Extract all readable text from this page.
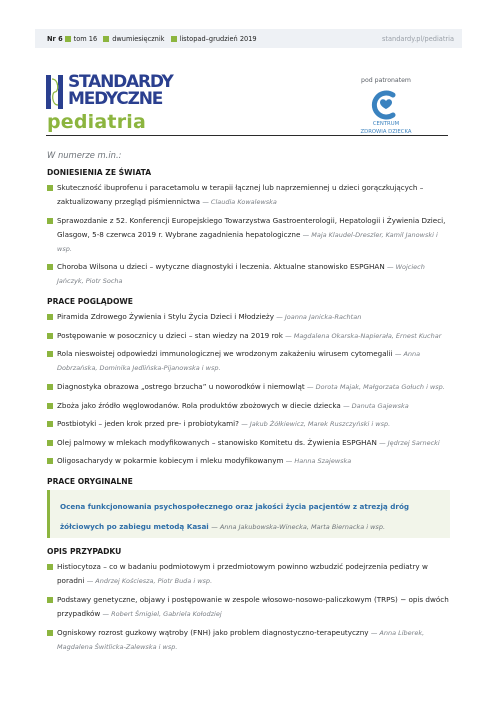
Nr 6 tom 16 dwumiesięcznik listopad–grudzień 2019	standardy.pl/pediatria
STANDARDY
MEDYCZNE
pediatria
pod patronatem
CENTRUM
ZDROWIA DZIECKA
W numerze m.in.:
DONIESIENIA ZE ŚWIATA
Skuteczność ibuprofenu i paracetamolu w terapii łącznej lub naprzemiennej u dzieci gorączkujących – zaktualizowany przegląd piśmiennictwa — Claudia Kowalewska
Sprawozdanie z 52. Konferencji Europejskiego Towarzystwa Gastroenterologii, Hepatologii i Żywienia Dzieci, Glasgow, 5-8 czerwca 2019 r. Wybrane zagadnienia hepatologiczne — Maja Klaudel-Dreszler, Kamil Janowski i wsp.
Choroba Wilsona u dzieci – wytyczne diagnostyki i leczenia. Aktualne stanowisko ESPGHAN — Wojciech Jańczyk, Piotr Socha
PRACE POGLĄDOWE
Piramida Zdrowego Żywienia i Stylu Życia Dzieci i Młodzieży — Joanna Janicka-Rachtan
Postępowanie w posocznicy u dzieci – stan wiedzy na 2019 rok — Magdalena Okarska-Napierała, Ernest Kuchar
Rola nieswoistej odpowiedzi immunologicznej we wrodzonym zakażeniu wirusem cytomegalii — Anna Dobrzańska, Dominika Jedlińska-Pijanowska i wsp.
Diagnostyka obrazowa „ostrego brzucha” u noworodków i niemowląt — Dorota Majak, Małgorzata Gołuch i wsp.
Zboża jako źródło węglowodanów. Rola produktów zbożowych w diecie dziecka — Danuta Gajewska
Postbiotyki – jeden krok przed pre- i probiotykami? — Jakub Żółkiewicz, Marek Ruszczyński i wsp.
Olej palmowy w mlekach modyfikowanych – stanowisko Komitetu ds. Żywienia ESPGHAN — Jędrzej Sarnecki
Oligosacharydy w pokarmie kobiecym i mleku modyfikowanym — Hanna Szajewska
PRACE ORYGINALNE
Ocena funkcjonowania psychospołecznego oraz jakości życia pacjentów z atrezją dróg żółciowych po zabiegu metodą Kasai — Anna Jakubowska-Winecka, Marta Biernacka i wsp.
OPIS PRZYPADKU
Histiocytoza – co w badaniu podmiotowym i przedmiotowym powinno wzbudzić podejrzenia pediatry w poradni — Andrzej Kościesza, Piotr Buda i wsp.
Podstawy genetyczne, objawy i postępowanie w zespole włosowo-nosowo-paliczkowym (TRPS) − opis dwóch przypadków — Robert Śmigiel, Gabriela Kołodziej
Ogniskowy rozrost guzkowy wątroby (FNH) jako problem diagnostyczno-terapeutyczny — Anna Liberek, Magdalena Świtlicka-Zalewska i wsp.
